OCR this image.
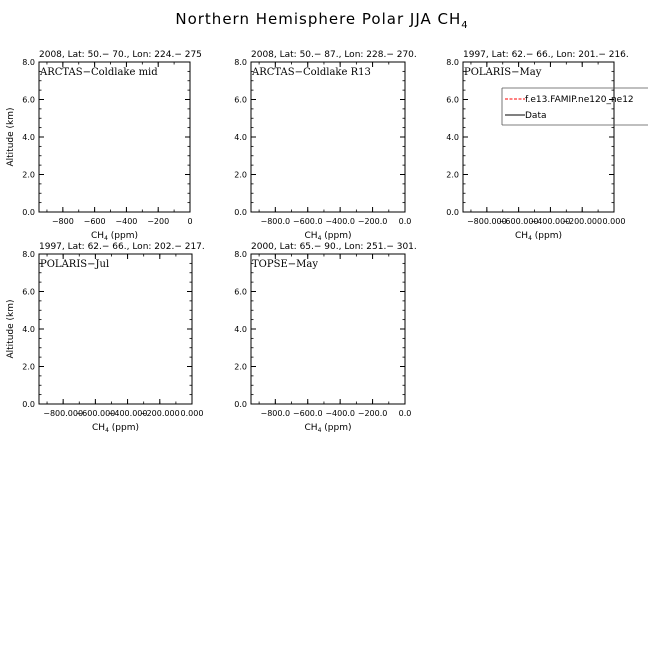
Northern Hemisphere Polar JJA $CH_4$
2008, Lat: 50.− 70., Lon: 224.− 275
ARCTAS−Coldlake mid
0.0
2.0
4.0
6.0
8.0
−800 −600 −400 −200 0
$CH_4$ (ppm)
Altitude (km)
2008, Lat: 50.− 87., Lon: 228.− 270.
ARCTAS−Coldlake R13
0.0
2.0
4.0
6.0
8.0
−800.0 −600.0 −400.0 −200.0 0.0
$CH_4$ (ppm)
1997, Lat: 62.− 66., Lon: 201.− 216.
POLARIS−May
0.0
2.0
4.0
6.0
8.0
−800.000
−600.000
−400.000
−200.000 0.000
$CH_4$ (ppm)
f.e13.FAMIP.ne120_ne12
Data
1997, Lat: 62.− 66., Lon: 202.− 217.
POLARIS−Jul
0.0
2.0
4.0
6.0
8.0
−800.000
−600.000
−400.000
−200.000 0.000
$CH_4$ (ppm)
Altitude (km)
2000, Lat: 65.− 90., Lon: 251.− 301.
TOPSE−May
0.0
2.0
4.0
6.0
8.0
−800.0 −600.0 −400.0 −200.0 0.0
$CH_4$ (ppm)
